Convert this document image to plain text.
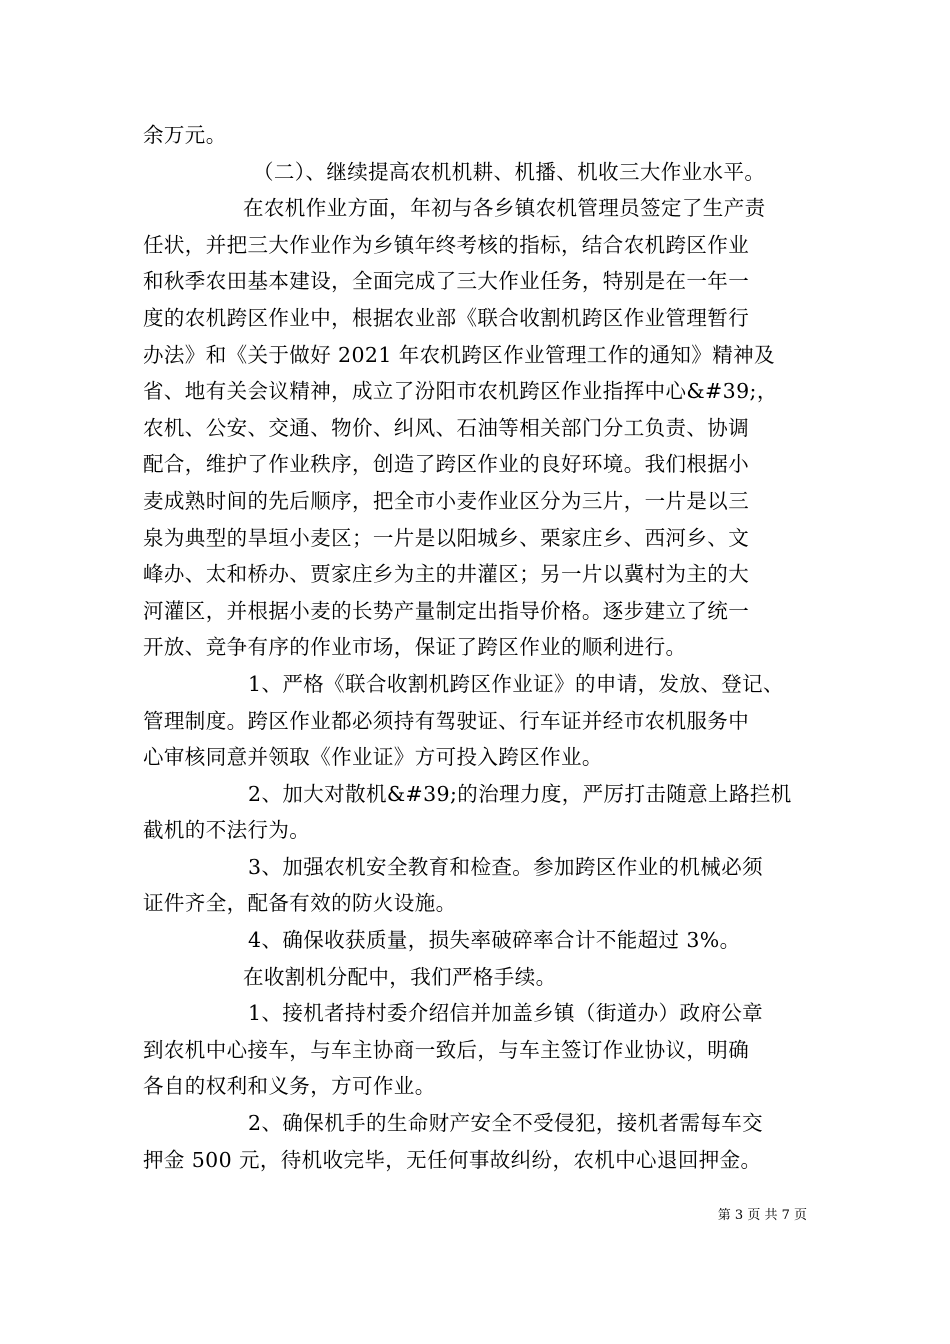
余万元。
（二）、继续提高农机机耕、机播、机收三大作业水平。
在农机作业方面，年初与各乡镇农机管理员签定了生产责
任状，并把三大作业作为乡镇年终考核的指标，结合农机跨区作业
和秋季农田基本建设，全面完成了三大作业任务，特别是在一年一
度的农机跨区作业中，根据农业部《联合收割机跨区作业管理暂行
办法》和《关于做好 2021 年农机跨区作业管理工作的通知》精神及
省、地有关会议精神，成立了汾阳市农机跨区作业指挥中心&#39;，
农机、公安、交通、物价、纠风、石油等相关部门分工负责、协调
配合，维护了作业秩序，创造了跨区作业的良好环境。我们根据小
麦成熟时间的先后顺序，把全市小麦作业区分为三片，一片是以三
泉为典型的旱垣小麦区；一片是以阳城乡、栗家庄乡、西河乡、文
峰办、太和桥办、贾家庄乡为主的井灌区；另一片以冀村为主的大
河灌区，并根据小麦的长势产量制定出指导价格。逐步建立了统一
开放、竞争有序的作业市场，保证了跨区作业的顺利进行。
1、严格《联合收割机跨区作业证》的申请，发放、登记、
管理制度。跨区作业都必须持有驾驶证、行车证并经市农机服务中
心审核同意并领取《作业证》方可投入跨区作业。
2、加大对散机&#39;的治理力度，严厉打击随意上路拦机
截机的不法行为。
3、加强农机安全教育和检查。参加跨区作业的机械必须
证件齐全，配备有效的防火设施。
4、确保收获质量，损失率破碎率合计不能超过 3%。
在收割机分配中，我们严格手续。
1、接机者持村委介绍信并加盖乡镇（街道办）政府公章
到农机中心接车，与车主协商一致后，与车主签订作业协议，明确
各自的权利和义务，方可作业。
2、确保机手的生命财产安全不受侵犯，接机者需每车交
押金 500 元，待机收完毕，无任何事故纠纷，农机中心退回押金。
第 3 页 共 7 页
